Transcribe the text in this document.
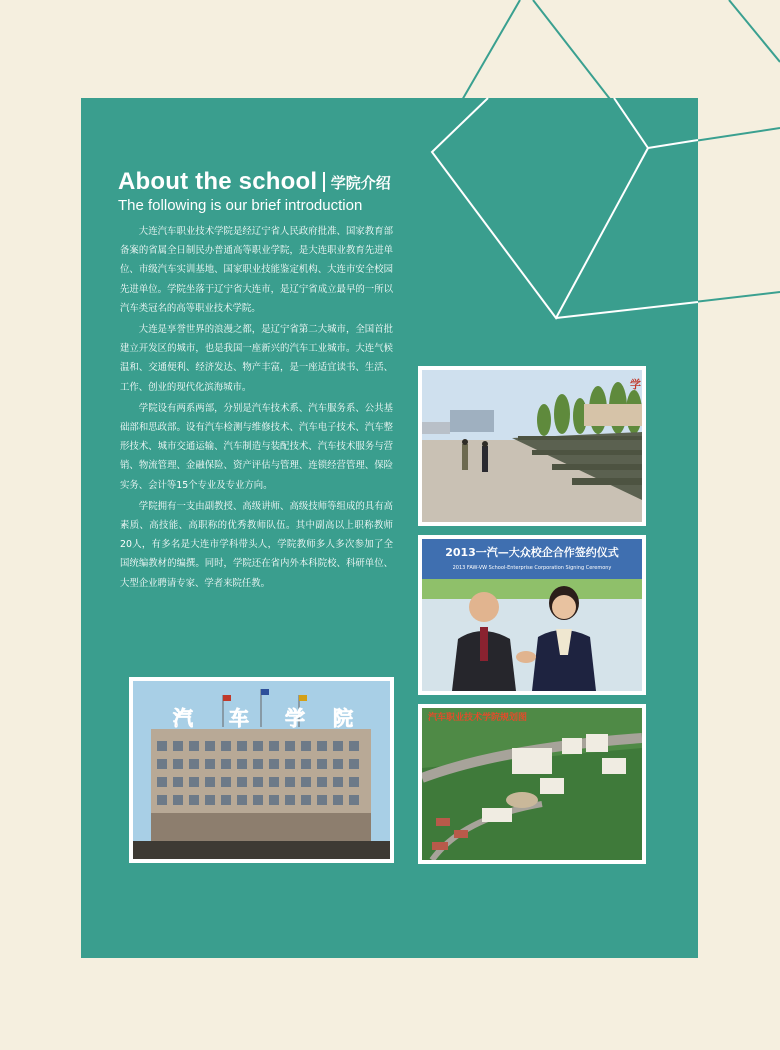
About the school 学院介绍
The following is our brief introduction

大连汽车职业技术学院是经辽宁省人民政府批准、国家教育部备案的省属全日制民办普通高等职业学院，是大连职业教育先进单位、市级汽车实训基地、国家职业技能鉴定机构、大连市安全校园先进单位。学院坐落于辽宁省大连市，是辽宁省成立最早的一所以汽车类冠名的高等职业技术学院。

大连是享誉世界的浪漫之都，是辽宁省第二大城市，全国首批建立开发区的城市，也是我国一座新兴的汽车工业城市。大连气候温和、交通便利、经济发达、物产丰富，是一座适宜读书、生活、工作、创业的现代化滨海城市。

学院设有两系两部，分别是汽车技术系、汽车服务系、公共基础部和思政部。设有汽车检测与维修技术、汽车电子技术、汽车整形技术、城市交通运输、汽车制造与装配技术、汽车技术服务与营销、物流管理、金融保险、资产评估与管理、连锁经营管理、保险实务、会计等15个专业及专业方向。

学院拥有一支由副教授、高级讲师、高级技师等组成的具有高素质、高技能、高职称的优秀教师队伍。其中副高以上职称教师20人，有多名是大连市学科带头人，学院教师多人多次参加了全国统编教材的编撰。同时，学院还在省内外本科院校、科研单位、大型企业聘请专家、学者来院任教。

学
2013一汽—大众校企合作签约仪式
2013 FAW-VW School-Enterprise Corporation Signing Ceremony
汽 车 学 院	汽车职业技术学院规划图
